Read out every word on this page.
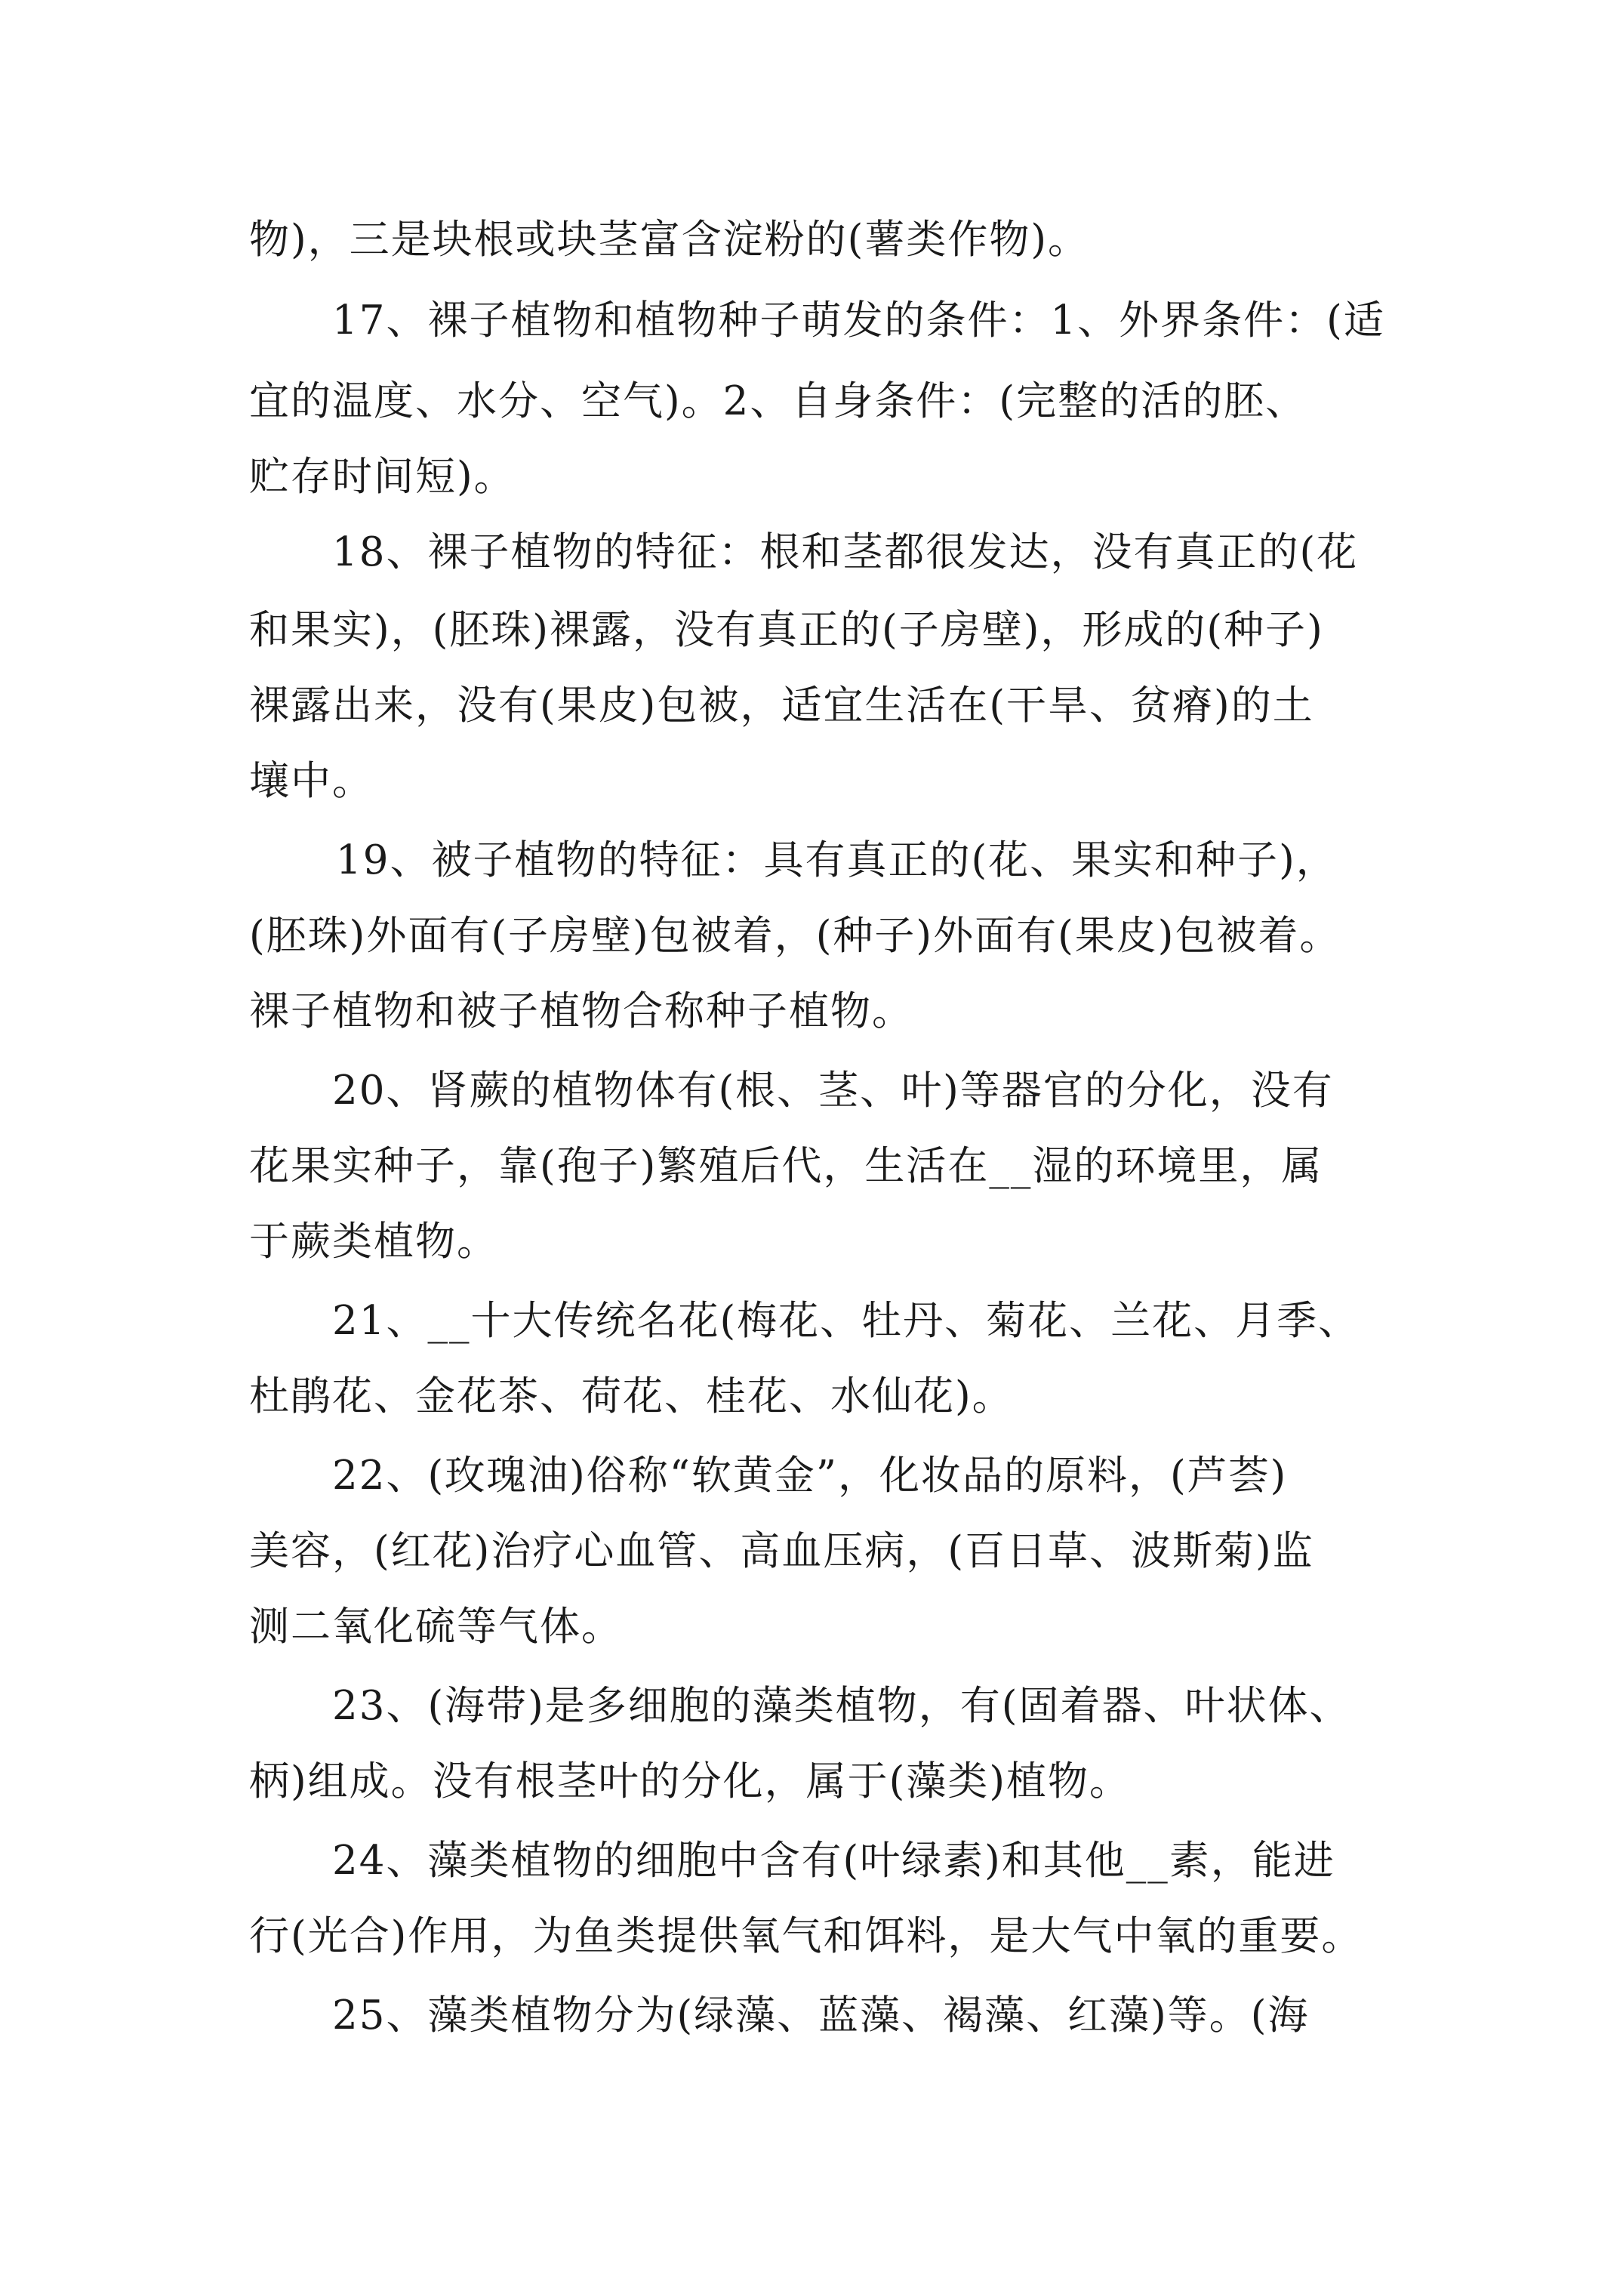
物)，三是块根或块茎富含淀粉的(薯类作物)。
17、裸子植物和植物种子萌发的条件：1、外界条件：(适
宜的温度、水分、空气)。2、自身条件：(完整的活的胚、
贮存时间短)。
18、裸子植物的特征：根和茎都很发达，没有真正的(花
和果实)，(胚珠)裸露，没有真正的(子房壁)，形成的(种子)
裸露出来，没有(果皮)包被，适宜生活在(干旱、贫瘠)的土
壤中。
19、被子植物的特征：具有真正的(花、果实和种子)，
(胚珠)外面有(子房壁)包被着，(种子)外面有(果皮)包被着。
裸子植物和被子植物合称种子植物。
20、肾蕨的植物体有(根、茎、叶)等器官的分化，没有
花果实种子，靠(孢子)繁殖后代，生活在__湿的环境里，属
于蕨类植物。
21、__十大传统名花(梅花、牡丹、菊花、兰花、月季、
杜鹃花、金花茶、荷花、桂花、水仙花)。
22、(玫瑰油)俗称“软黄金”，化妆品的原料，(芦荟)
美容，(红花)治疗心血管、高血压病，(百日草、波斯菊)监
测二氧化硫等气体。
23、(海带)是多细胞的藻类植物，有(固着器、叶状体、
柄)组成。没有根茎叶的分化，属于(藻类)植物。
24、藻类植物的细胞中含有(叶绿素)和其他__素，能进
行(光合)作用，为鱼类提供氧气和饵料，是大气中氧的重要。
25、藻类植物分为(绿藻、蓝藻、褐藻、红藻)等。(海
